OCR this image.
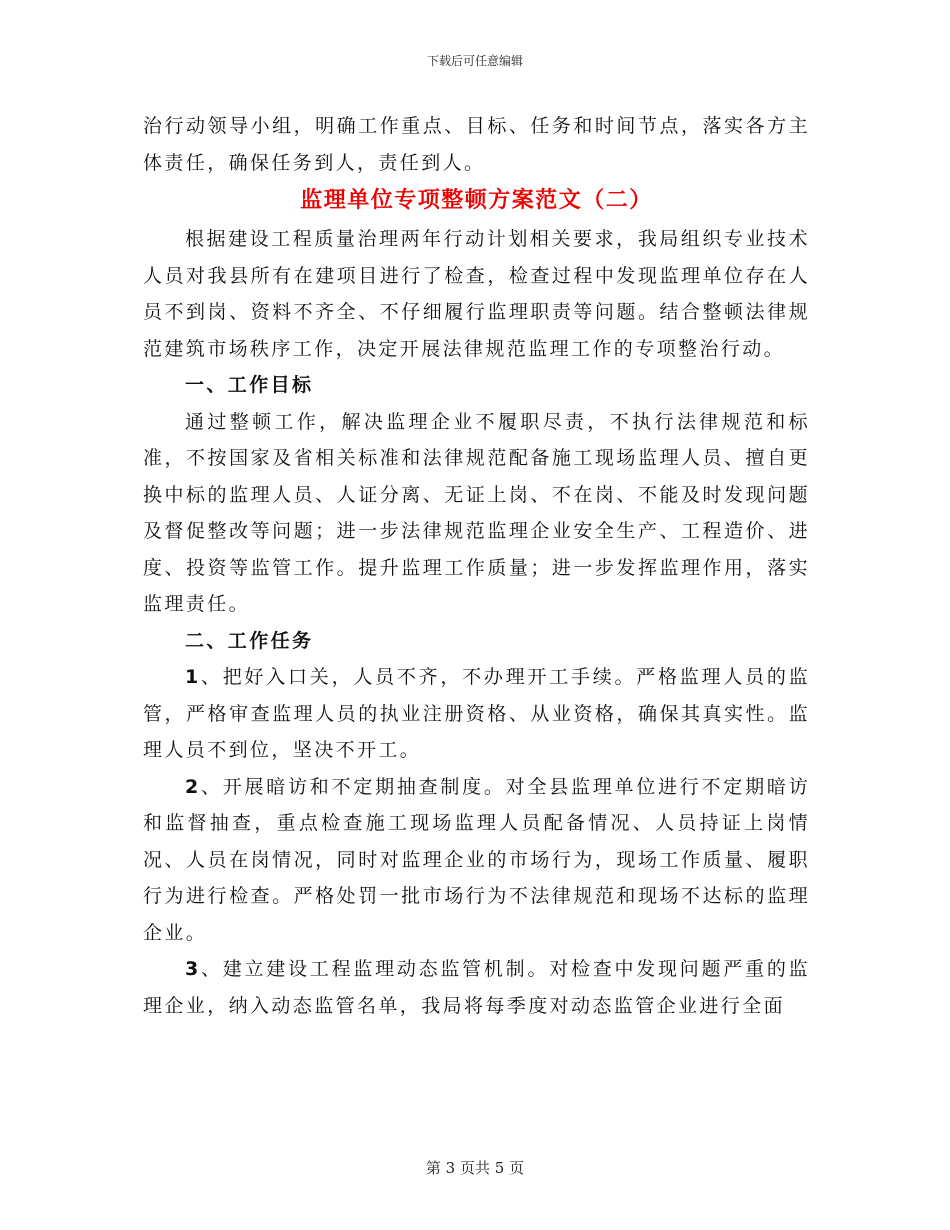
下载后可任意编辑

治行动领导小组，明确工作重点、目标、任务和时间节点，落实各方主体责任，确保任务到人，责任到人。

监理单位专项整顿方案范文（二）

根据建设工程质量治理两年行动计划相关要求，我局组织专业技术人员对我县所有在建项目进行了检查，检查过程中发现监理单位存在人员不到岗、资料不齐全、不仔细履行监理职责等问题。结合整顿法律规范建筑市场秩序工作，决定开展法律规范监理工作的专项整治行动。

一、工作目标

通过整顿工作，解决监理企业不履职尽责，不执行法律规范和标准，不按国家及省相关标准和法律规范配备施工现场监理人员、擅自更换中标的监理人员、人证分离、无证上岗、不在岗、不能及时发现问题及督促整改等问题；进一步法律规范监理企业安全生产、工程造价、进度、投资等监管工作。提升监理工作质量；进一步发挥监理作用，落实监理责任。

二、工作任务

1、把好入口关，人员不齐，不办理开工手续。严格监理人员的监管，严格审查监理人员的执业注册资格、从业资格，确保其真实性。监理人员不到位，坚决不开工。

2、开展暗访和不定期抽查制度。对全县监理单位进行不定期暗访和监督抽查，重点检查施工现场监理人员配备情况、人员持证上岗情况、人员在岗情况，同时对监理企业的市场行为，现场工作质量、履职行为进行检查。严格处罚一批市场行为不法律规范和现场不达标的监理企业。

3、建立建设工程监理动态监管机制。对检查中发现问题严重的监理企业，纳入动态监管名单，我局将每季度对动态监管企业进行全面

第 3 页共 5 页
